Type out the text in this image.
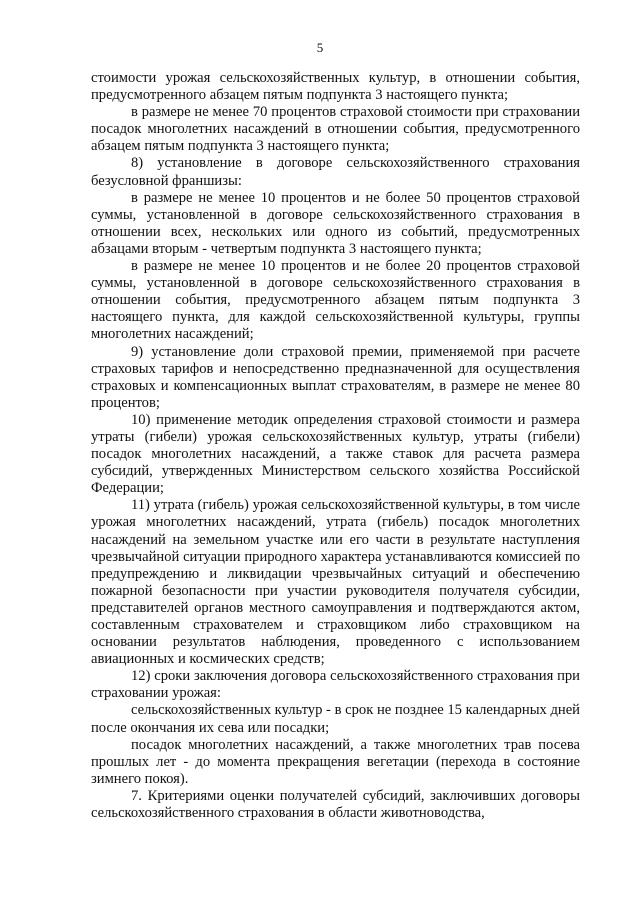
5

стоимости урожая сельскохозяйственных культур, в отношении события, предусмотренного абзацем пятым подпункта 3 настоящего пункта;

в размере не менее 70 процентов страховой стоимости при страховании посадок многолетних насаждений в отношении события, предусмотренного абзацем пятым подпункта 3 настоящего пункта;

8) установление в договоре сельскохозяйственного страхования безусловной франшизы:

в размере не менее 10 процентов и не более 50 процентов страховой суммы, установленной в договоре сельскохозяйственного страхования в отношении всех, нескольких или одного из событий, предусмотренных абзацами вторым - четвертым подпункта 3 настоящего пункта;

в размере не менее 10 процентов и не более 20 процентов страховой суммы, установленной в договоре сельскохозяйственного страхования в отношении события, предусмотренного абзацем пятым подпункта 3 настоящего пункта, для каждой сельскохозяйственной культуры, группы многолетних насаждений;

9) установление доли страховой премии, применяемой при расчете страховых тарифов и непосредственно предназначенной для осуществления страховых и компенсационных выплат страхователям, в размере не менее 80 процентов;

10) применение методик определения страховой стоимости и размера утраты (гибели) урожая сельскохозяйственных культур, утраты (гибели) посадок многолетних насаждений, а также ставок для расчета размера субсидий, утвержденных Министерством сельского хозяйства Российской Федерации;

11) утрата (гибель) урожая сельскохозяйственной культуры, в том числе урожая многолетних насаждений, утрата (гибель) посадок многолетних насаждений на земельном участке или его части в результате наступления чрезвычайной ситуации природного характера устанавливаются комиссией по предупреждению и ликвидации чрезвычайных ситуаций и обеспечению пожарной безопасности при участии руководителя получателя субсидии, представителей органов местного самоуправления и подтверждаются актом, составленным страхователем и страховщиком либо страховщиком на основании результатов наблюдения, проведенного с использованием авиационных и космических средств;

12) сроки заключения договора сельскохозяйственного страхования при страховании урожая:

сельскохозяйственных культур - в срок не позднее 15 календарных дней после окончания их сева или посадки;

посадок многолетних насаждений, а также многолетних трав посева прошлых лет - до момента прекращения вегетации (перехода в состояние зимнего покоя).

7. Критериями оценки получателей субсидий, заключивших договоры сельскохозяйственного страхования в области животноводства,
